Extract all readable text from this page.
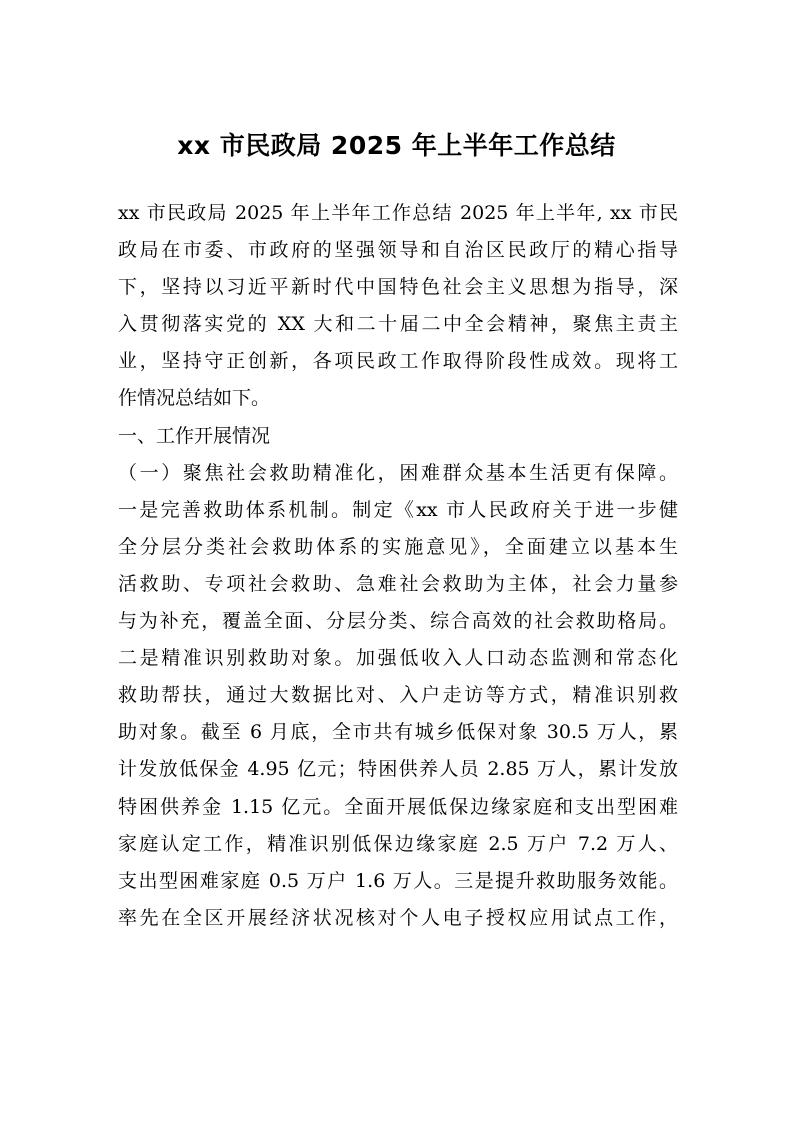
xx 市民政局 2025 年上半年工作总结
xx 市民政局 2025 年上半年工作总结 2025 年上半年, xx 市民
政局在市委、市政府的坚强领导和自治区民政厅的精心指导
下，坚持以习近平新时代中国特色社会主义思想为指导，深
入贯彻落实党的 XX 大和二十届二中全会精神，聚焦主责主
业，坚持守正创新，各项民政工作取得阶段性成效。现将工
作情况总结如下。
一、工作开展情况
（一）聚焦社会救助精准化，困难群众基本生活更有保障。
一是完善救助体系机制。制定《xx 市人民政府关于进一步健
全分层分类社会救助体系的实施意见》，全面建立以基本生
活救助、专项社会救助、急难社会救助为主体，社会力量参
与为补充，覆盖全面、分层分类、综合高效的社会救助格局。
二是精准识别救助对象。加强低收入人口动态监测和常态化
救助帮扶，通过大数据比对、入户走访等方式，精准识别救
助对象。截至 6 月底，全市共有城乡低保对象 30.5 万人，累
计发放低保金 4.95 亿元；特困供养人员 2.85 万人，累计发放
特困供养金 1.15 亿元。全面开展低保边缘家庭和支出型困难
家庭认定工作，精准识别低保边缘家庭 2.5 万户 7.2 万人、
支出型困难家庭 0.5 万户 1.6 万人。三是提升救助服务效能。
率先在全区开展经济状况核对个人电子授权应用试点工作，
